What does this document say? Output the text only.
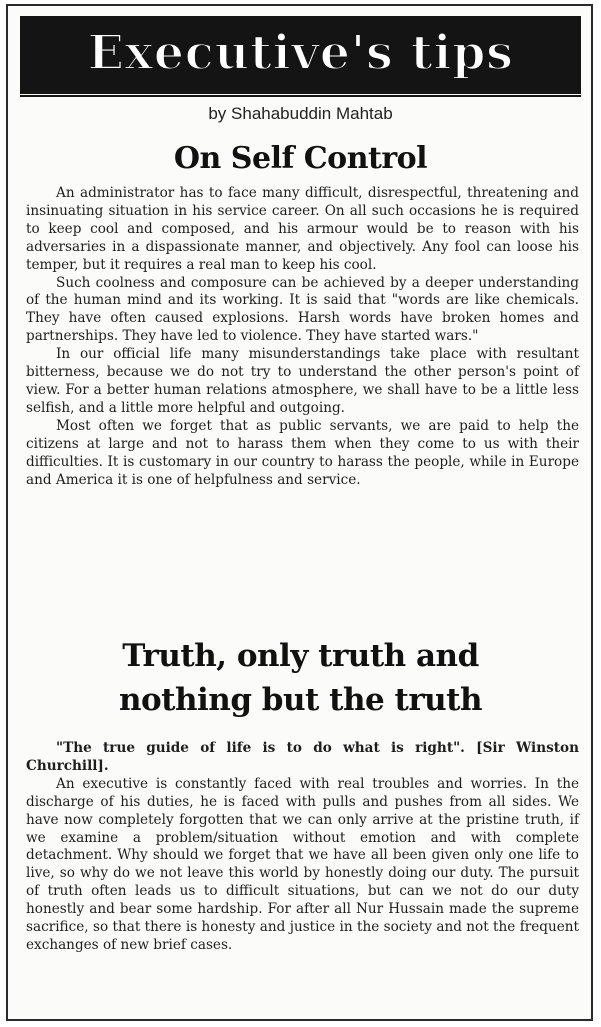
Executive's tips
by Shahabuddin Mahtab
On Self Control

An administrator has to face many difficult, disrespectful, threatening and insinuating situation in his service career. On all such occasions he is required to keep cool and composed, and his armour would be to reason with his adversaries in a dispassionate manner, and objectively. Any fool can loose his temper, but it requires a real man to keep his cool.

Such coolness and composure can be achieved by a deeper understanding of the human mind and its working. It is said that "words are like chemicals. They have often caused explosions. Harsh words have broken homes and partnerships. They have led to violence. They have started wars."

In our official life many misunderstandings take place with resultant bitterness, because we do not try to understand the other person's point of view. For a better human relations atmosphere, we shall have to be a little less selfish, and a little more helpful and outgoing.

Most often we forget that as public servants, we are paid to help the citizens at large and not to harass them when they come to us with their difficulties. It is customary in our country to harass the people, while in Europe and America it is one of helpfulness and service.

Truth, only truth and
nothing but the truth

"The true guide of life is to do what is right". [Sir Winston Churchill].

An executive is constantly faced with real troubles and worries. In the discharge of his duties, he is faced with pulls and pushes from all sides. We have now completely forgotten that we can only arrive at the pristine truth, if we examine a problem/situation without emotion and with complete detachment. Why should we forget that we have all been given only one life to live, so why do we not leave this world by honestly doing our duty. The pursuit of truth often leads us to difficult situations, but can we not do our duty honestly and bear some hardship. For after all Nur Hussain made the supreme sacrifice, so that there is honesty and justice in the society and not the frequent exchanges of new brief cases.
